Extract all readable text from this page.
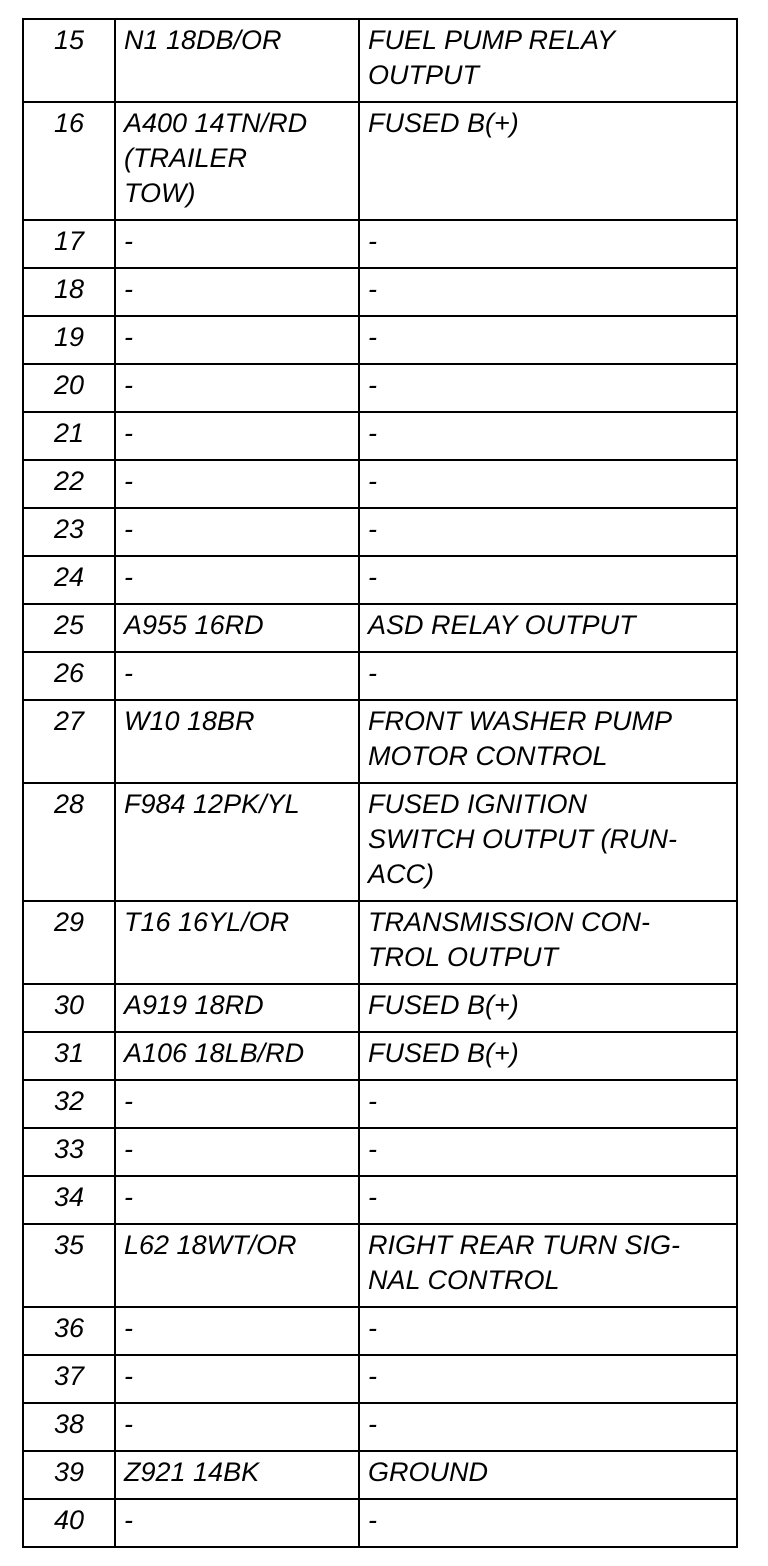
15	N1 18DB/OR	FUEL PUMP RELAY
OUTPUT
16	A400 14TN/RD
(TRAILER
TOW)	FUSED B(+)
17	-	-
18	-	-
19	-	-
20	-	-
21	-	-
22	-	-
23	-	-
24	-	-
25	A955 16RD	ASD RELAY OUTPUT
26	-	-
27	W10 18BR	FRONT WASHER PUMP
MOTOR CONTROL
28	F984 12PK/YL	FUSED IGNITION
SWITCH OUTPUT (RUN-
ACC)
29	T16 16YL/OR	TRANSMISSION CON-
TROL OUTPUT
30	A919 18RD	FUSED B(+)
31	A106 18LB/RD	FUSED B(+)
32	-	-
33	-	-
34	-	-
35	L62 18WT/OR	RIGHT REAR TURN SIG-
NAL CONTROL
36	-	-
37	-	-
38	-	-
39	Z921 14BK	GROUND
40	-	-
